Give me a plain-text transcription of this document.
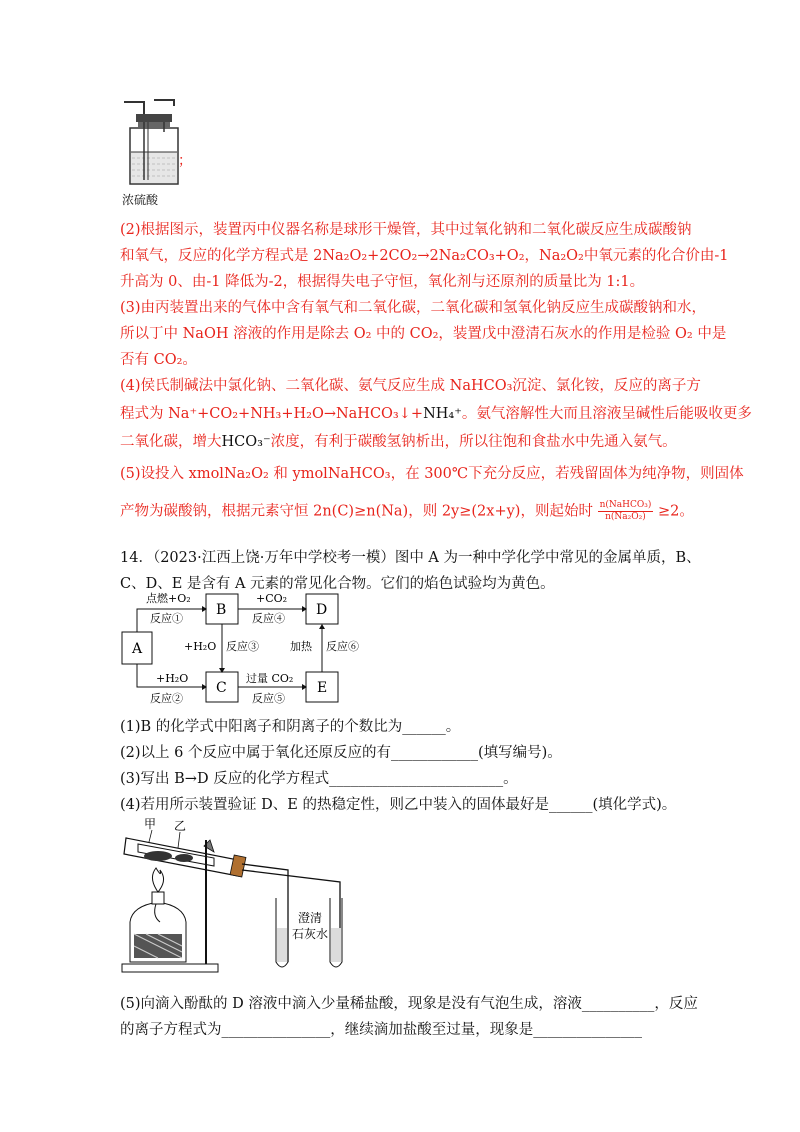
浓硫酸
；
(2)根据图示，装置丙中仪器名称是球形干燥管，其中过氧化钠和二氧化碳反应生成碳酸钠
和氧气，反应的化学方程式是 2Na₂O₂+2CO₂→2Na₂CO₃+O₂，Na₂O₂中氧元素的化合价由-1
升高为 0、由-1 降低为-2，根据得失电子守恒，氧化剂与还原剂的质量比为 1:1。
(3)由丙装置出来的气体中含有氧气和二氧化碳，二氧化碳和氢氧化钠反应生成碳酸钠和水，
所以丁中 NaOH 溶液的作用是除去 O₂ 中的 CO₂，装置戊中澄清石灰水的作用是检验 O₂ 中是
否有 CO₂。
(4)侯氏制碱法中氯化钠、二氧化碳、氨气反应生成 NaHCO₃沉淀、氯化铵，反应的离子方
程式为 Na⁺+CO₂+NH₃+H₂O→NaHCO₃↓+NH₄⁺。氨气溶解性大而且溶液呈碱性后能吸收更多
二氧化碳，增大HCO₃⁻浓度，有利于碳酸氢钠析出，所以往饱和食盐水中先通入氨气。
(5)设投入 xmolNa₂O₂ 和 ymolNaHCO₃，在 300℃下充分反应，若残留固体为纯净物，则固体
产物为碳酸钠，根据元素守恒 2n(C)≥n(Na)，则 2y≥(2x+y)，则起始时 $\frac{\text{n(NaHCO₃)}}{\text{n(Na₂O₂)}} \ge 2$。
14．（2023·江西上饶·万年中学校考一模）图中 A 为一种中学化学中常见的金属单质，B、
C、D、E 是含有 A 元素的常见化合物。它们的焰色试验均为黄色。
A
B
C
D
E
点燃+O₂
反应①
+H₂O
反应②
+H₂O 反应③
+CO₂
反应④
过量 CO₂
反应⑤
加热 反应⑥
(1)B 的化学式中阳离子和阴离子的个数比为______。
(2)以上 6 个反应中属于氧化还原反应的有____________(填写编号)。
(3)写出 B→D 反应的化学方程式________________________。
(4)若用所示装置验证 D、E 的热稳定性，则乙中装入的固体最好是______(填化学式)。
甲 乙
澄清
石灰水
(5)向滴入酚酞的 D 溶液中滴入少量稀盐酸，现象是没有气泡生成，溶液__________，反应
的离子方程式为_______________，继续滴加盐酸至过量，现象是_______________
